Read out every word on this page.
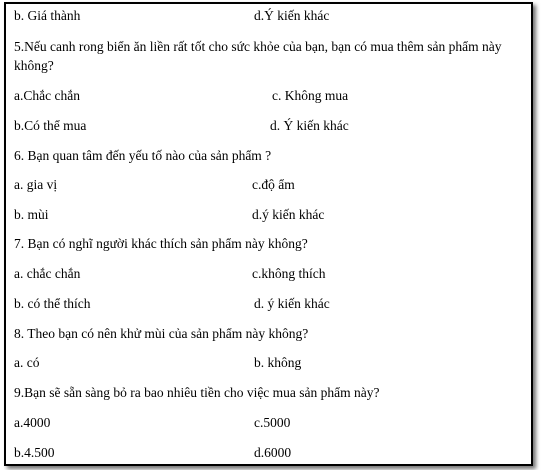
b. Giá thành	d.Ý kiến khác
5.Nếu canh rong biển ăn liền rất tốt cho sức khỏe của bạn, bạn có mua thêm sản phẩm này không?
a.Chắc chắn	c. Không mua
b.Có thể mua	d. Ý kiến khác
6. Bạn quan tâm đến yếu tố nào của sản phẩm ?
a. gia vị	c.độ ẩm
b. mùi	d.ý kiến khác
7. Bạn có nghĩ người khác thích sản phẩm này không?
a. chắc chắn	c.không thích
b. có thể thích	d. ý kiến khác
8. Theo bạn có nên khử mùi của sản phẩm này không?
a. có	b. không
9.Bạn sẽ sẵn sàng bỏ ra bao nhiêu tiền cho việc mua sản phẩm này?
a.4000	c.5000
b.4.500	d.6000
